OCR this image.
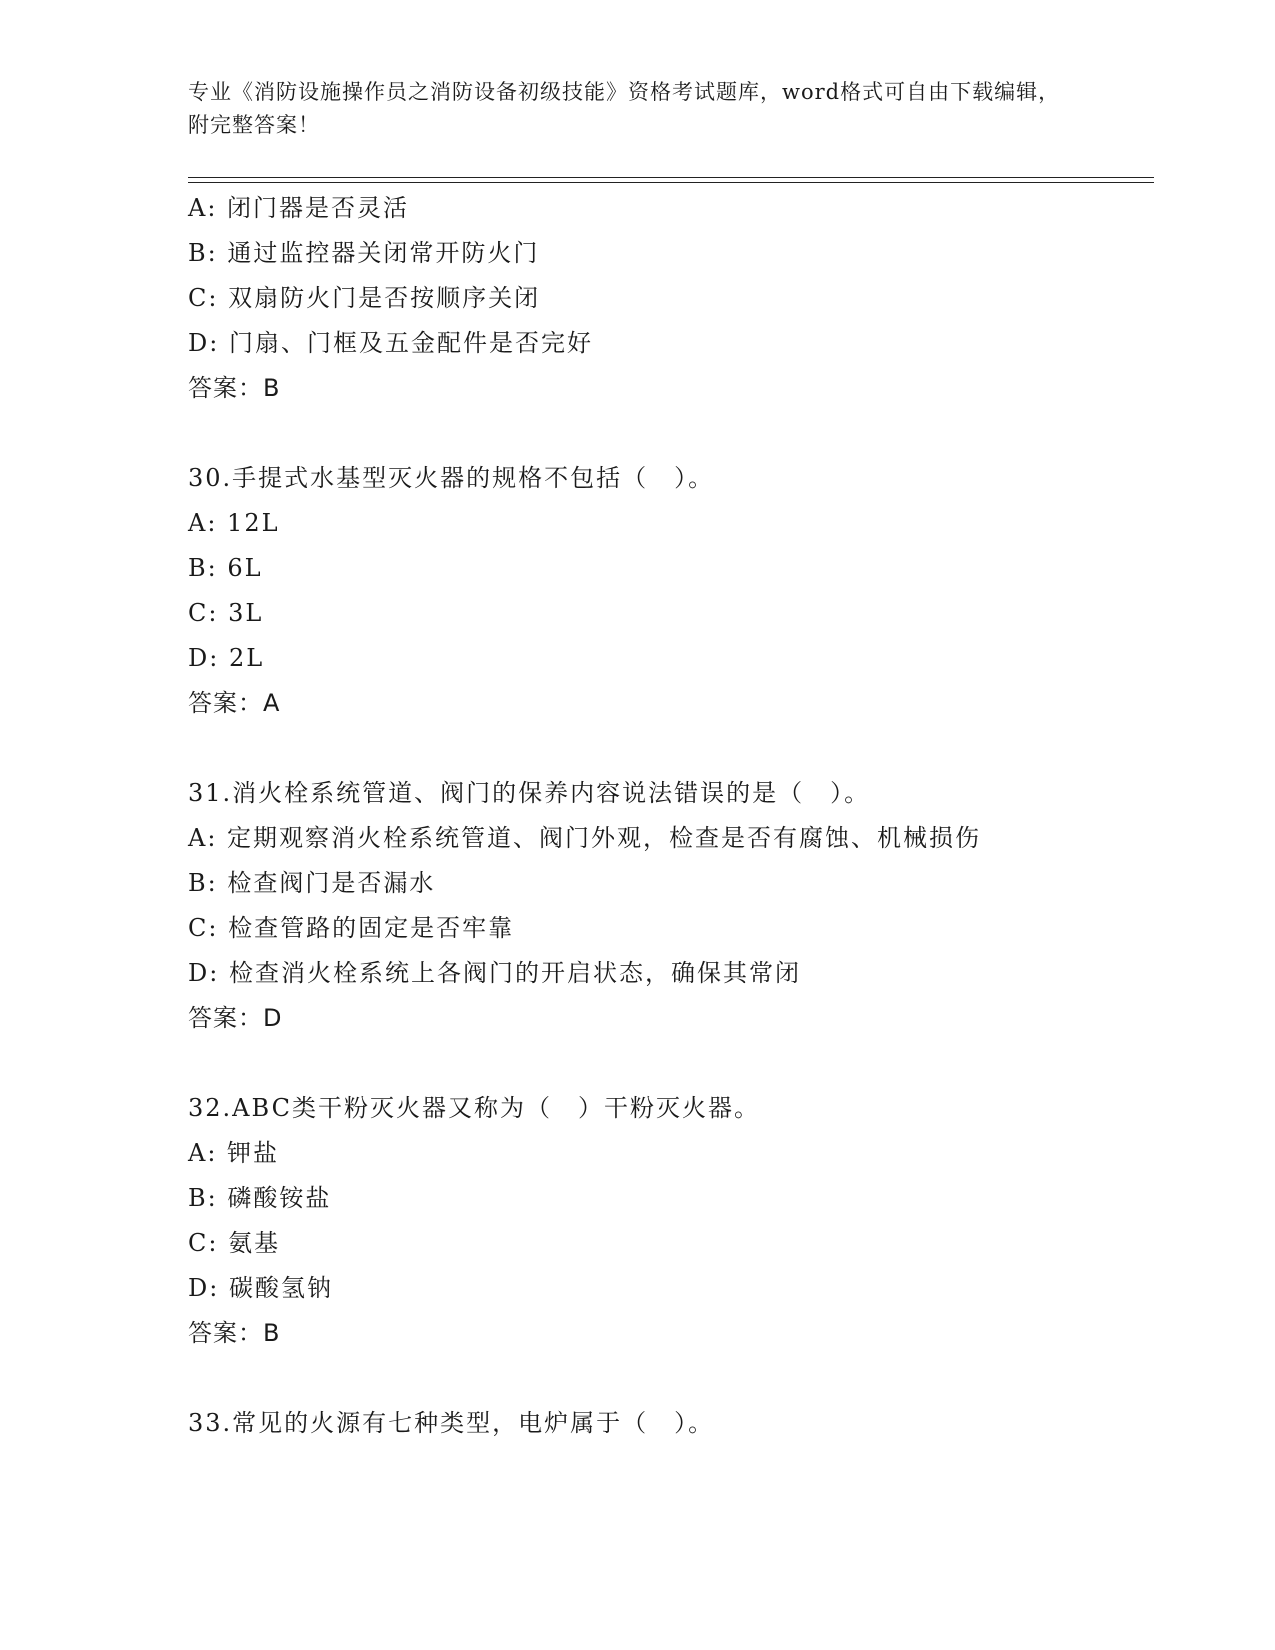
专业《消防设施操作员之消防设备初级技能》资格考试题库，word格式可自由下载编辑，附完整答案！
A: 闭门器是否灵活
B: 通过监控器关闭常开防火门
C: 双扇防火门是否按顺序关闭
D: 门扇、门框及五金配件是否完好
答案：B
30.手提式水基型灭火器的规格不包括（　）。
A: 12L
B: 6L
C: 3L
D: 2L
答案：A
31.消火栓系统管道、阀门的保养内容说法错误的是（　）。
A: 定期观察消火栓系统管道、阀门外观，检查是否有腐蚀、机械损伤
B: 检查阀门是否漏水
C: 检查管路的固定是否牢靠
D: 检查消火栓系统上各阀门的开启状态，确保其常闭
答案：D
32.ABC类干粉灭火器又称为（　）干粉灭火器。
A: 钾盐
B: 磷酸铵盐
C: 氨基
D: 碳酸氢钠
答案：B
33.常见的火源有七种类型，电炉属于（　）。
